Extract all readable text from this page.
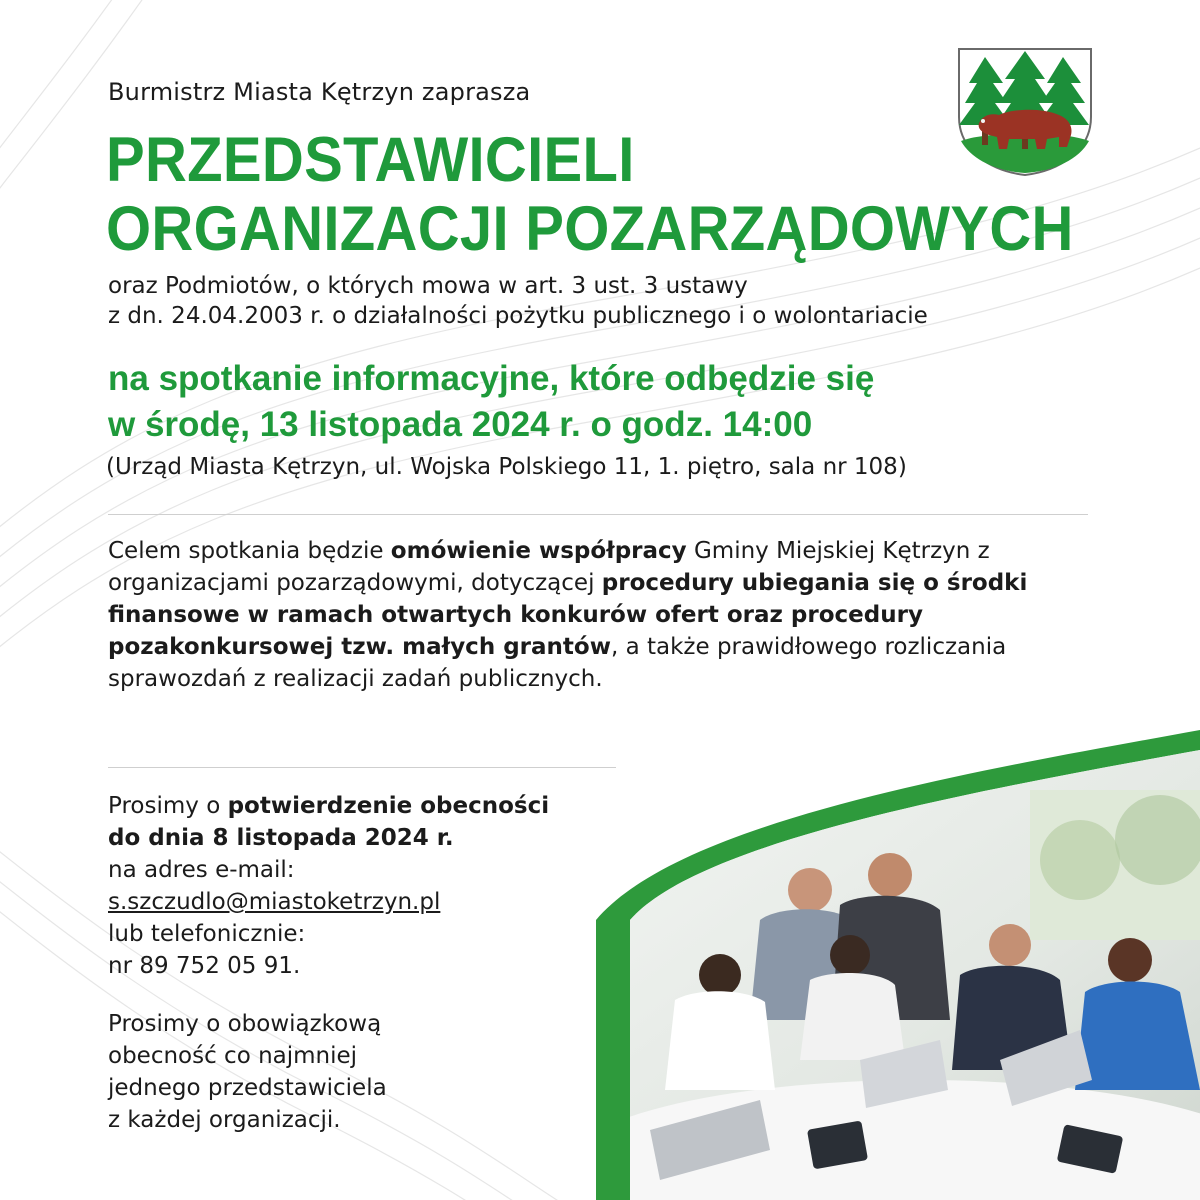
Burmistrz Miasta Kętrzyn zaprasza
PRZEDSTAWICIELI
ORGANIZACJI POZARZĄDOWYCH
oraz Podmiotów, o których mowa w art. 3 ust. 3 ustawy
z dn. 24.04.2003 r. o działalności pożytku publicznego i o wolontariacie
na spotkanie informacyjne, które odbędzie się
w środę, 13 listopada 2024 r. o godz. 14:00
(Urząd Miasta Kętrzyn, ul. Wojska Polskiego 11, 1. piętro, sala nr 108)
Celem spotkania będzie omówienie współpracy Gminy Miejskiej Kętrzyn z organizacjami pozarządowymi, dotyczącej procedury ubiegania się o środki finansowe w ramach otwartych konkurów ofert oraz procedury pozakonkursowej tzw. małych grantów, a także prawidłowego rozliczania sprawozdań z realizacji zadań publicznych.
Prosimy o potwierdzenie obecności
do dnia 8 listopada 2024 r.
na adres e-mail:
s.szczudlo@miastoketrzyn.pl
lub telefonicznie:
nr 89 752 05 91.
Prosimy o obowiązkową
obecność co najmniej
jednego przedstawiciela
z każdej organizacji.
